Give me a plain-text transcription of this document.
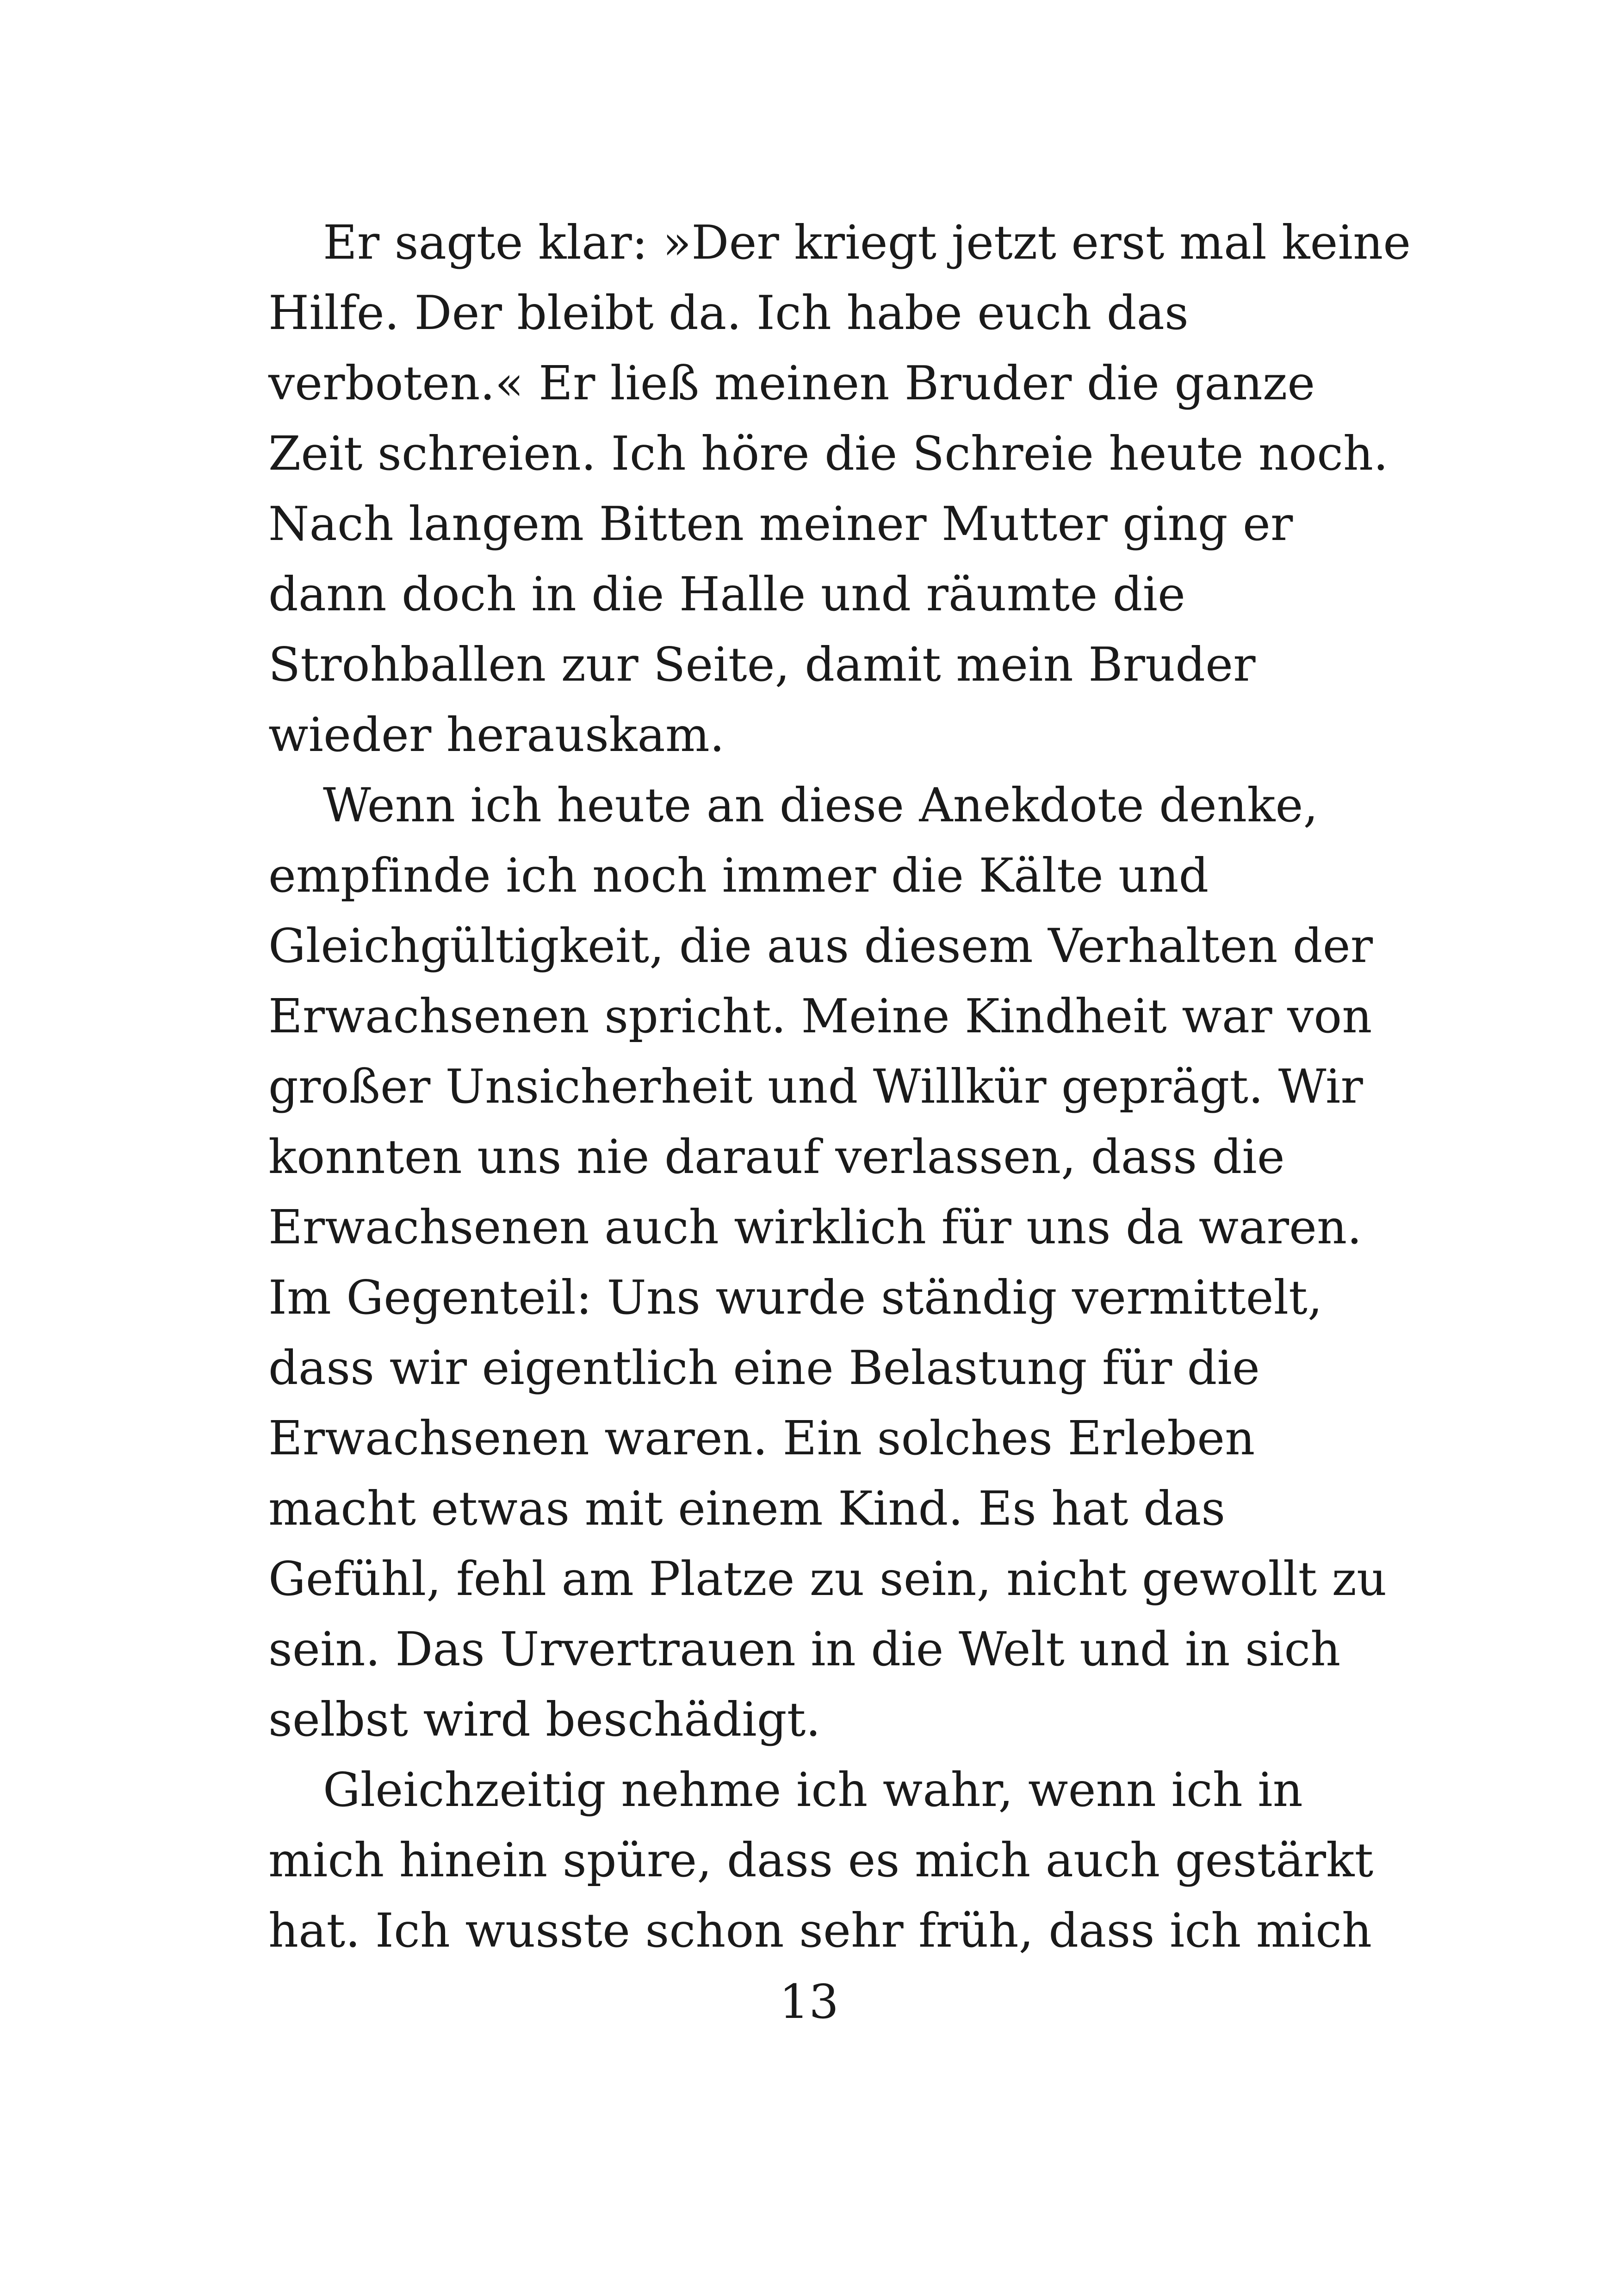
Er sagte klar: »Der kriegt jetzt erst mal keine
Hilfe. Der bleibt da. Ich habe euch das
verboten.« Er ließ meinen Bruder die ganze
Zeit schreien. Ich höre die Schreie heute noch.
Nach langem Bitten meiner Mutter ging er
dann doch in die Halle und räumte die
Strohballen zur Seite, damit mein Bruder
wieder herauskam.
Wenn ich heute an diese Anekdote denke,
empfinde ich noch immer die Kälte und
Gleichgültigkeit, die aus diesem Verhalten der
Erwachsenen spricht. Meine Kindheit war von
großer Unsicherheit und Willkür geprägt. Wir
konnten uns nie darauf verlassen, dass die
Erwachsenen auch wirklich für uns da waren.
Im Gegenteil: Uns wurde ständig vermittelt,
dass wir eigentlich eine Belastung für die
Erwachsenen waren. Ein solches Erleben
macht etwas mit einem Kind. Es hat das
Gefühl, fehl am Platze zu sein, nicht gewollt zu
sein. Das Urvertrauen in die Welt und in sich
selbst wird beschädigt.
Gleichzeitig nehme ich wahr, wenn ich in
mich hinein spüre, dass es mich auch gestärkt
hat. Ich wusste schon sehr früh, dass ich mich
13
